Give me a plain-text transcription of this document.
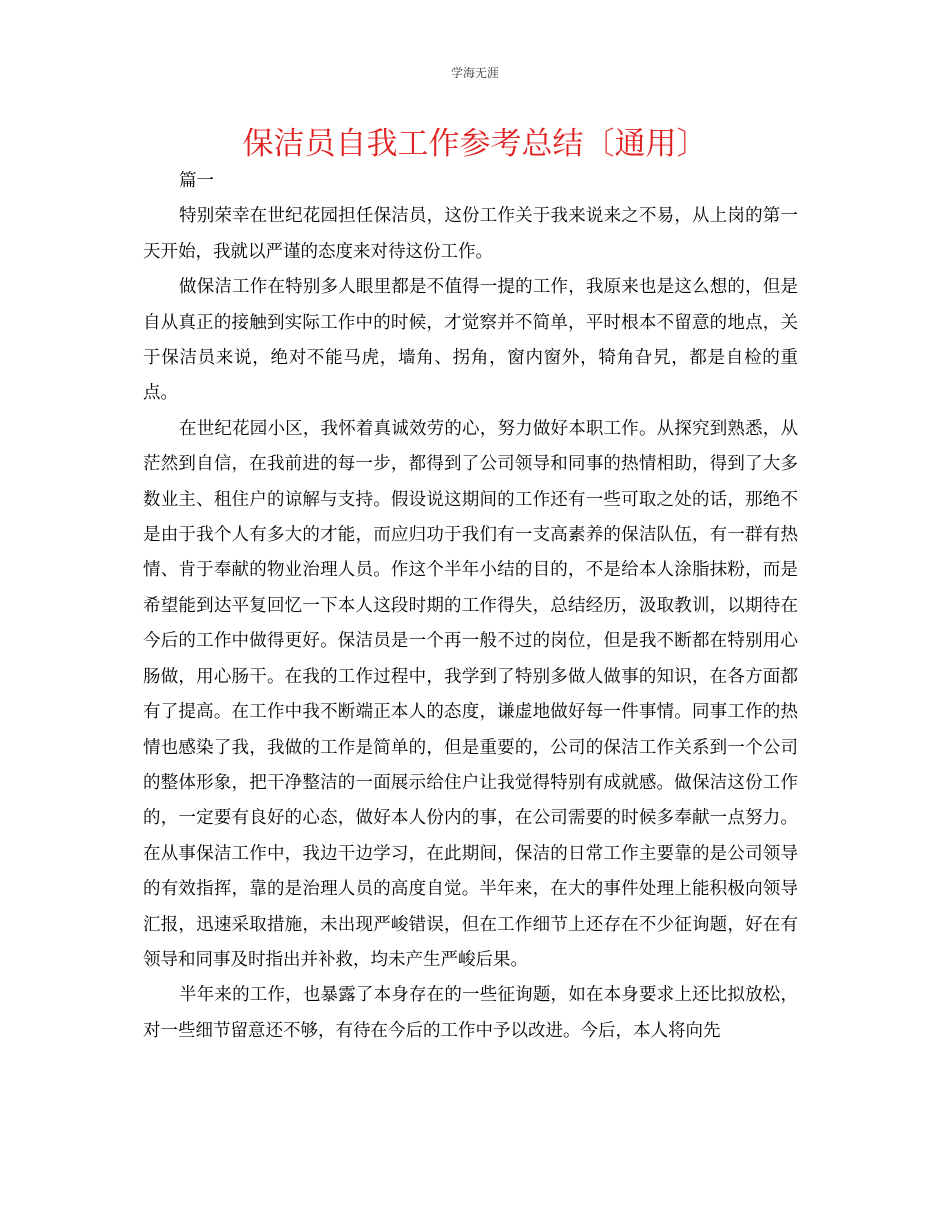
学海无涯
保洁员自我工作参考总结〔通用〕

篇一

特别荣幸在世纪花园担任保洁员，这份工作关于我来说来之不易，从上岗的第一天开始，我就以严谨的态度来对待这份工作。

做保洁工作在特别多人眼里都是不值得一提的工作，我原来也是这么想的，但是自从真正的接触到实际工作中的时候，才觉察并不简单，平时根本不留意的地点，关于保洁员来说，绝对不能马虎，墙角、拐角，窗内窗外，犄角旮旯，都是自检的重点。

在世纪花园小区，我怀着真诚效劳的心，努力做好本职工作。从探究到熟悉，从茫然到自信，在我前进的每一步，都得到了公司领导和同事的热情相助，得到了大多数业主、租住户的谅解与支持。假设说这期间的工作还有一些可取之处的话，那绝不是由于我个人有多大的才能，而应归功于我们有一支高素养的保洁队伍，有一群有热情、肯于奉献的物业治理人员。作这个半年小结的目的，不是给本人涂脂抹粉，而是希望能到达平复回忆一下本人这段时期的工作得失，总结经历，汲取教训，以期待在今后的工作中做得更好。保洁员是一个再一般不过的岗位，但是我不断都在特别用心肠做，用心肠干。在我的工作过程中，我学到了特别多做人做事的知识，在各方面都有了提高。在工作中我不断端正本人的态度，谦虚地做好每一件事情。同事工作的热情也感染了我，我做的工作是简单的，但是重要的，公司的保洁工作关系到一个公司的整体形象，把干净整洁的一面展示给住户让我觉得特别有成就感。做保洁这份工作的，一定要有良好的心态，做好本人份内的事，在公司需要的时候多奉献一点努力。在从事保洁工作中，我边干边学习，在此期间，保洁的日常工作主要靠的是公司领导的有效指挥，靠的是治理人员的高度自觉。半年来，在大的事件处理上能积极向领导汇报，迅速采取措施，未出现严峻错误，但在工作细节上还存在不少征询题，好在有领导和同事及时指出并补救，均未产生严峻后果。

半年来的工作，也暴露了本身存在的一些征询题，如在本身要求上还比拟放松，对一些细节留意还不够，有待在今后的工作中予以改进。今后，本人将向先
